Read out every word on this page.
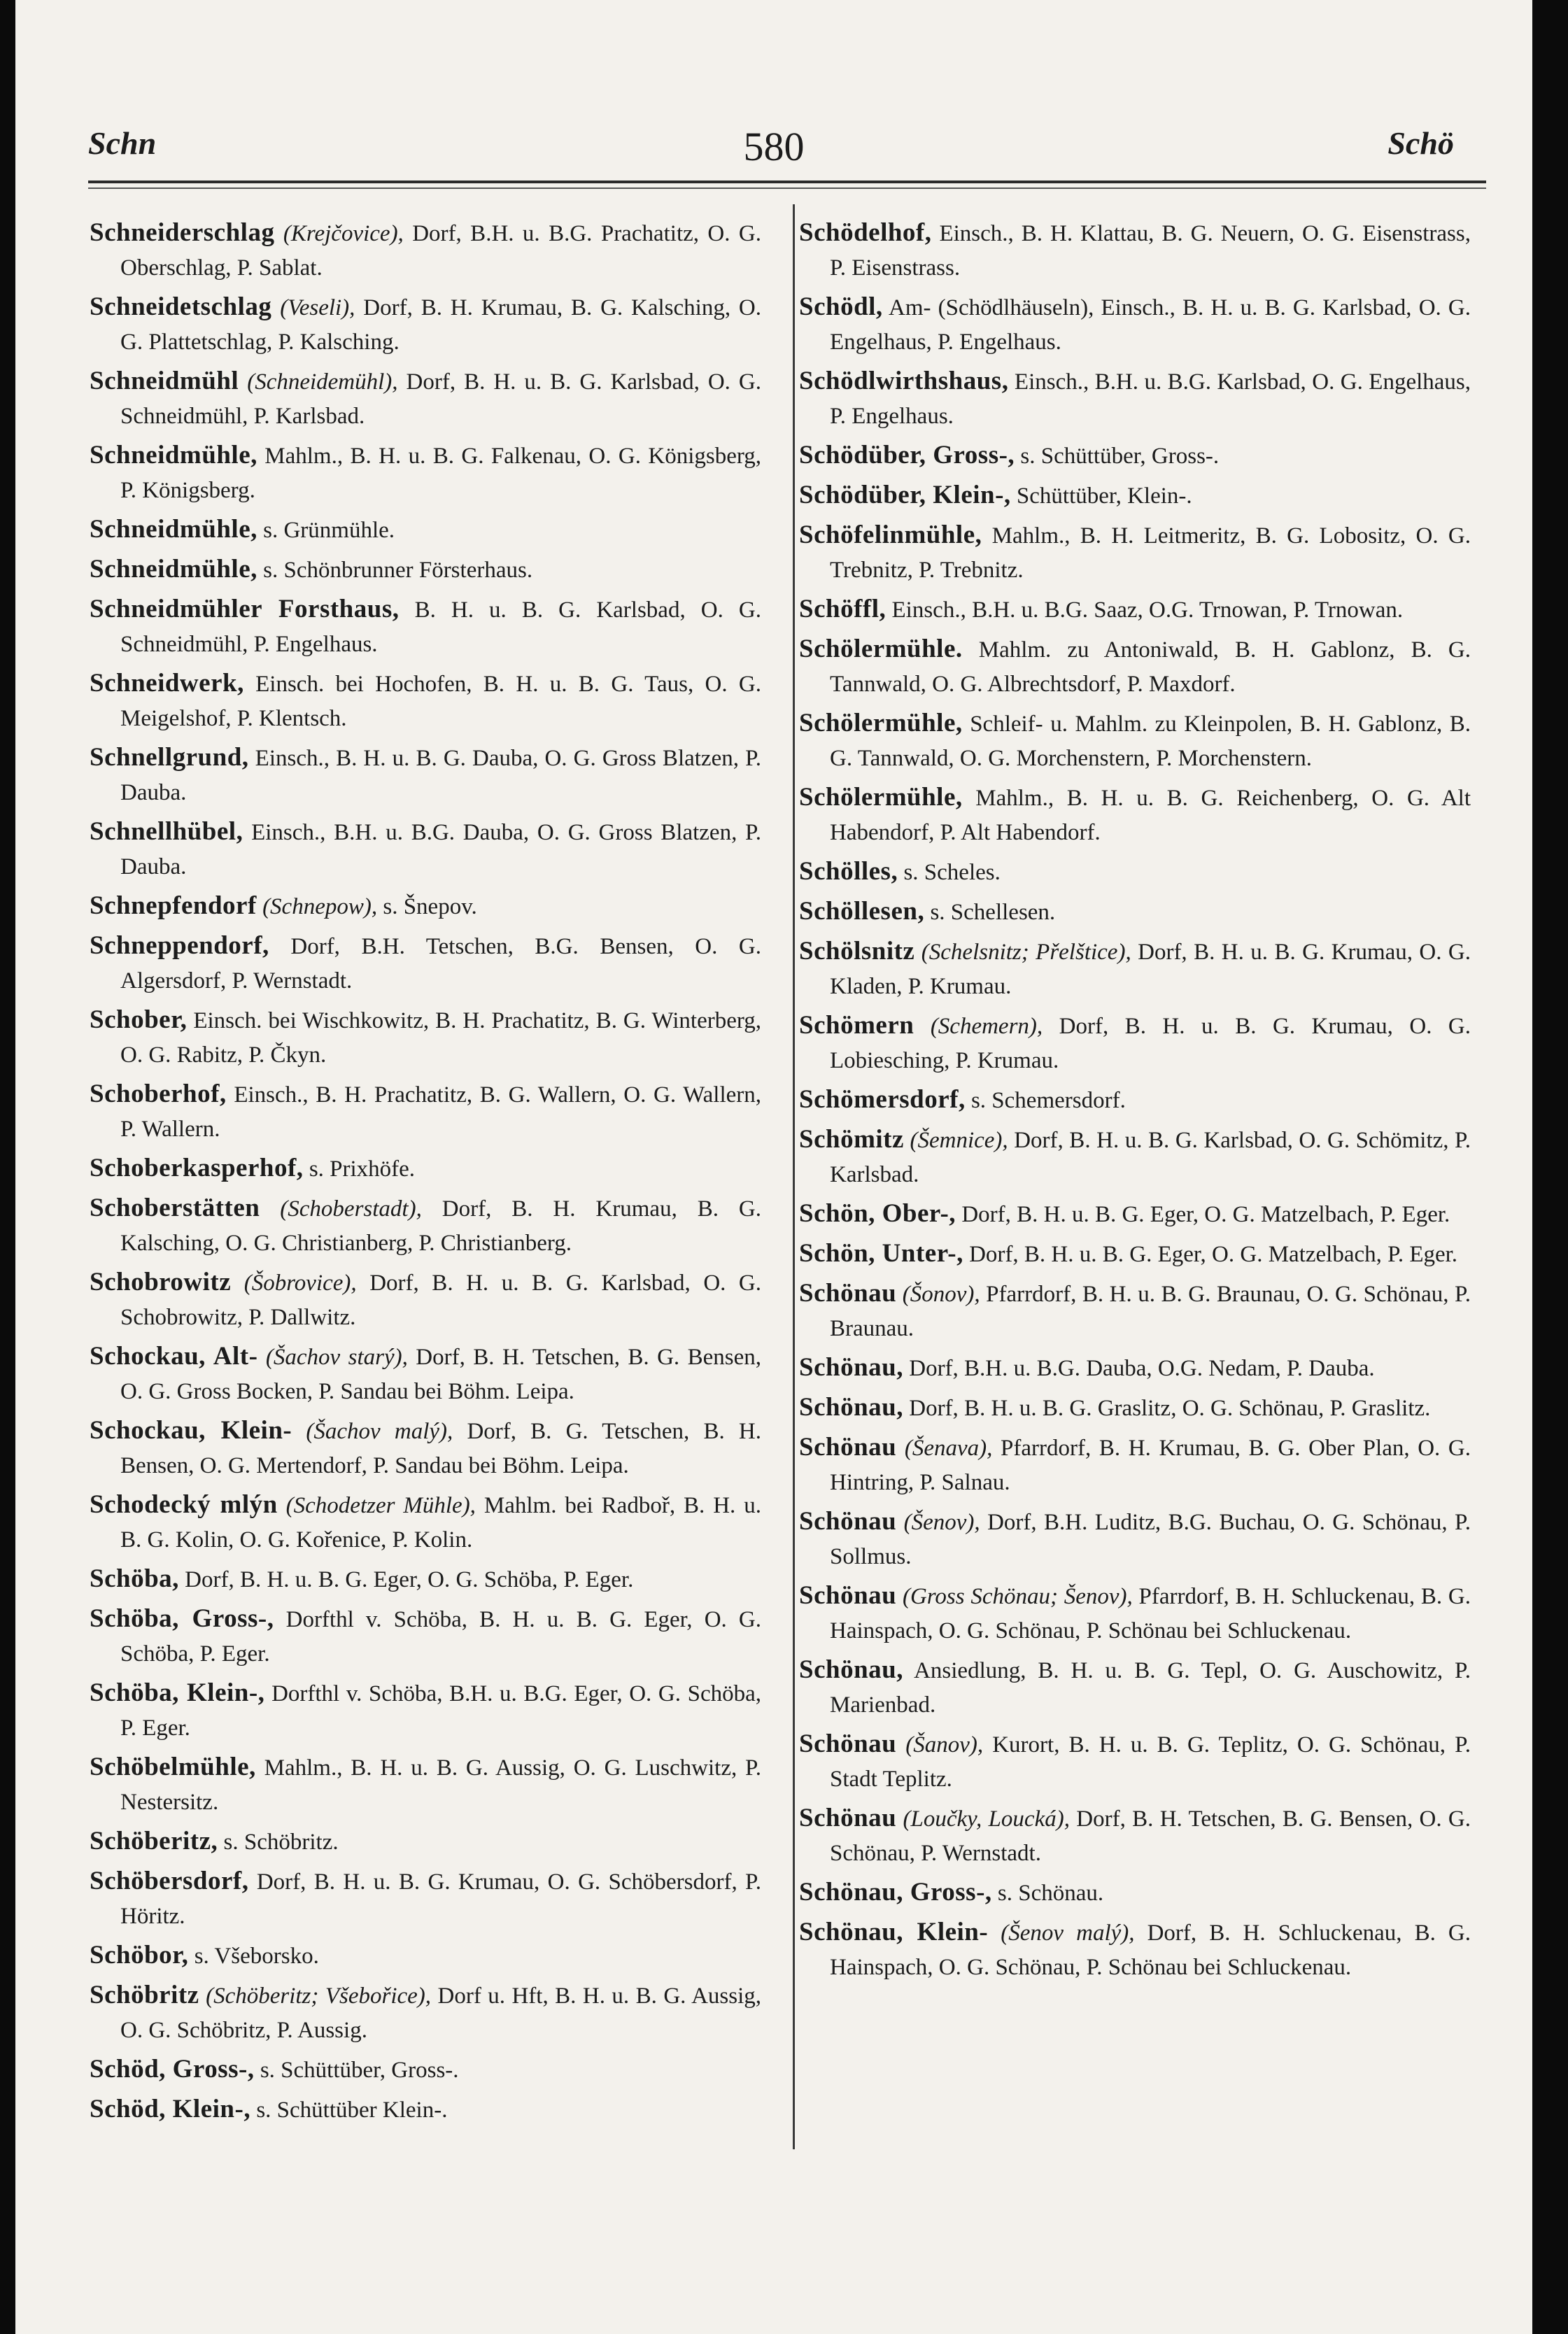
Schn	580	Schö
Schneiderschlag (Krejčovice), Dorf, B.H. u. B.G. Prachatitz, O. G. Oberschlag, P. Sablat.
Schneidetschlag (Veseli), Dorf, B. H. Krumau, B. G. Kalsching, O. G. Plattetschlag, P. Kalsching.
Schneidmühl (Schneidemühl), Dorf, B. H. u. B. G. Karlsbad, O. G. Schneidmühl, P. Karlsbad.
Schneidmühle, Mahlm., B. H. u. B. G. Falkenau, O. G. Königsberg, P. Königsberg.
Schneidmühle, s. Grünmühle.
Schneidmühle, s. Schönbrunner Försterhaus.
Schneidmühler Forsthaus, B. H. u. B. G. Karlsbad, O. G. Schneidmühl, P. Engelhaus.
Schneidwerk, Einsch. bei Hochofen, B. H. u. B. G. Taus, O. G. Meigelshof, P. Klentsch.
Schnellgrund, Einsch., B. H. u. B. G. Dauba, O. G. Gross Blatzen, P. Dauba.
Schnellhübel, Einsch., B.H. u. B.G. Dauba, O. G. Gross Blatzen, P. Dauba.
Schnepfendorf (Schnepow), s. Šnepov.
Schneppendorf, Dorf, B.H. Tetschen, B.G. Bensen, O. G. Algersdorf, P. Wernstadt.
Schober, Einsch. bei Wischkowitz, B. H. Prachatitz, B. G. Winterberg, O. G. Rabitz, P. Čkyn.
Schoberhof, Einsch., B. H. Prachatitz, B. G. Wallern, O. G. Wallern, P. Wallern.
Schoberkasperhof, s. Prixhöfe.
Schoberstätten (Schoberstadt), Dorf, B. H. Krumau, B. G. Kalsching, O. G. Christianberg, P. Christianberg.
Schobrowitz (Šobrovice), Dorf, B. H. u. B. G. Karlsbad, O. G. Schobrowitz, P. Dallwitz.
Schockau, Alt- (Šachov starý), Dorf, B. H. Tetschen, B. G. Bensen, O. G. Gross Bocken, P. Sandau bei Böhm. Leipa.
Schockau, Klein- (Šachov malý), Dorf, B. G. Tetschen, B. H. Bensen, O. G. Mertendorf, P. Sandau bei Böhm. Leipa.
Schodecký mlýn (Schodetzer Mühle), Mahlm. bei Radboř, B. H. u. B. G. Kolin, O. G. Kořenice, P. Kolin.
Schöba, Dorf, B. H. u. B. G. Eger, O. G. Schöba, P. Eger.
Schöba, Gross-, Dorfthl v. Schöba, B. H. u. B. G. Eger, O. G. Schöba, P. Eger.
Schöba, Klein-, Dorfthl v. Schöba, B.H. u. B.G. Eger, O. G. Schöba, P. Eger.
Schöbelmühle, Mahlm., B. H. u. B. G. Aussig, O. G. Luschwitz, P. Nestersitz.
Schöberitz, s. Schöbritz.
Schöbersdorf, Dorf, B. H. u. B. G. Krumau, O. G. Schöbersdorf, P. Höritz.
Schöbor, s. Všeborsko.
Schöbritz (Schöberitz; Všebořice), Dorf u. Hft, B. H. u. B. G. Aussig, O. G. Schöbritz, P. Aussig.
Schöd, Gross-, s. Schüttüber, Gross-.
Schöd, Klein-, s. Schüttüber Klein-.
Schödelhof, Einsch., B. H. Klattau, B. G. Neuern, O. G. Eisenstrass, P. Eisenstrass.
Schödl, Am- (Schödlhäuseln), Einsch., B. H. u. B. G. Karlsbad, O. G. Engelhaus, P. Engelhaus.
Schödlwirthshaus, Einsch., B.H. u. B.G. Karlsbad, O. G. Engelhaus, P. Engelhaus.
Schödüber, Gross-, s. Schüttüber, Gross-.
Schödüber, Klein-, Schüttüber, Klein-.
Schöfelinmühle, Mahlm., B. H. Leitmeritz, B. G. Lobositz, O. G. Trebnitz, P. Trebnitz.
Schöffl, Einsch., B.H. u. B.G. Saaz, O.G. Trnowan, P. Trnowan.
Schölermühle. Mahlm. zu Antoniwald, B. H. Gablonz, B. G. Tannwald, O. G. Albrechtsdorf, P. Maxdorf.
Schölermühle, Schleif- u. Mahlm. zu Kleinpolen, B. H. Gablonz, B. G. Tannwald, O. G. Morchenstern, P. Morchenstern.
Schölermühle, Mahlm., B. H. u. B. G. Reichenberg, O. G. Alt Habendorf, P. Alt Habendorf.
Schölles, s. Scheles.
Schöllesen, s. Schellesen.
Schölsnitz (Schelsnitz; Přelštice), Dorf, B. H. u. B. G. Krumau, O. G. Kladen, P. Krumau.
Schömern (Schemern), Dorf, B. H. u. B. G. Krumau, O. G. Lobiesching, P. Krumau.
Schömersdorf, s. Schemersdorf.
Schömitz (Šemnice), Dorf, B. H. u. B. G. Karlsbad, O. G. Schömitz, P. Karlsbad.
Schön, Ober-, Dorf, B. H. u. B. G. Eger, O. G. Matzelbach, P. Eger.
Schön, Unter-, Dorf, B. H. u. B. G. Eger, O. G. Matzelbach, P. Eger.
Schönau (Šonov), Pfarrdorf, B. H. u. B. G. Braunau, O. G. Schönau, P. Braunau.
Schönau, Dorf, B.H. u. B.G. Dauba, O.G. Nedam, P. Dauba.
Schönau, Dorf, B. H. u. B. G. Graslitz, O. G. Schönau, P. Graslitz.
Schönau (Šenava), Pfarrdorf, B. H. Krumau, B. G. Ober Plan, O. G. Hintring, P. Salnau.
Schönau (Šenov), Dorf, B.H. Luditz, B.G. Buchau, O. G. Schönau, P. Sollmus.
Schönau (Gross Schönau; Šenov), Pfarrdorf, B. H. Schluckenau, B. G. Hainspach, O. G. Schönau, P. Schönau bei Schluckenau.
Schönau, Ansiedlung, B. H. u. B. G. Tepl, O. G. Auschowitz, P. Marienbad.
Schönau (Šanov), Kurort, B. H. u. B. G. Teplitz, O. G. Schönau, P. Stadt Teplitz.
Schönau (Loučky, Loucká), Dorf, B. H. Tetschen, B. G. Bensen, O. G. Schönau, P. Wernstadt.
Schönau, Gross-, s. Schönau.
Schönau, Klein- (Šenov malý), Dorf, B. H. Schluckenau, B. G. Hainspach, O. G. Schönau, P. Schönau bei Schluckenau.
